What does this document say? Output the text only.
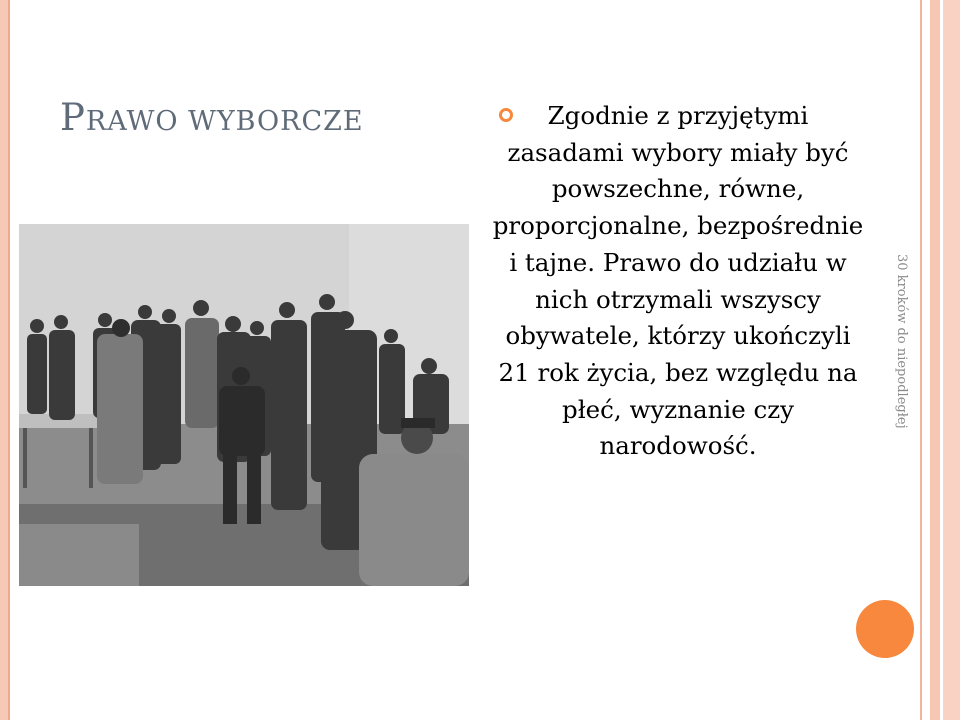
PRAWO WYBORCZE	Zgodnie z przyjętymi zasadami wybory miały być powszechne, równe, proporcjonalne, bezpośrednie i tajne. Prawo do udziału w nich otrzymali wszyscy obywatele, którzy ukończyli 21 rok życia, bez względu na płeć, wyznanie czy narodowość.
30 kroków do niepodległej
